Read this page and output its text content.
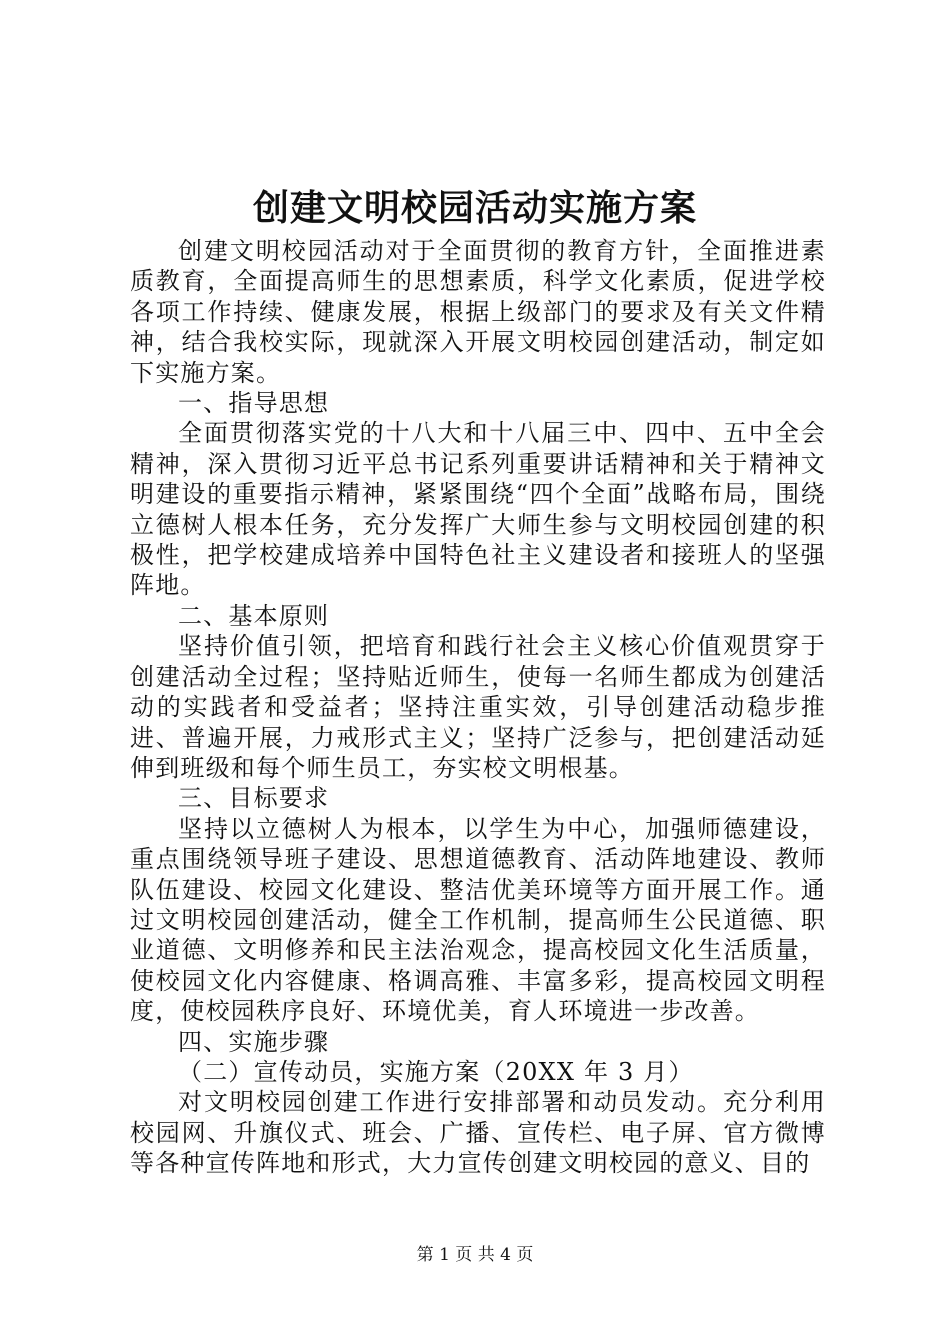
创建文明校园活动实施方案

创建文明校园活动对于全面贯彻的教育方针，全面推进素质教育，全面提高师生的思想素质，科学文化素质，促进学校各项工作持续、健康发展，根据上级部门的要求及有关文件精神，结合我校实际，现就深入开展文明校园创建活动，制定如下实施方案。

一、指导思想

全面贯彻落实党的十八大和十八届三中、四中、五中全会精神，深入贯彻习近平总书记系列重要讲话精神和关于精神文明建设的重要指示精神，紧紧围绕“四个全面”战略布局，围绕立德树人根本任务，充分发挥广大师生参与文明校园创建的积极性，把学校建成培养中国特色社主义建设者和接班人的坚强阵地。

二、基本原则

坚持价值引领，把培育和践行社会主义核心价值观贯穿于创建活动全过程；坚持贴近师生，使每一名师生都成为创建活动的实践者和受益者；坚持注重实效，引导创建活动稳步推进、普遍开展，力戒形式主义；坚持广泛参与，把创建活动延伸到班级和每个师生员工，夯实校文明根基。

三、目标要求

坚持以立德树人为根本，以学生为中心，加强师德建设，重点围绕领导班子建设、思想道德教育、活动阵地建设、教师队伍建设、校园文化建设、整洁优美环境等方面开展工作。通过文明校园创建活动，健全工作机制，提高师生公民道德、职业道德、文明修养和民主法治观念，提高校园文化生活质量，使校园文化内容健康、格调高雅、丰富多彩，提高校园文明程度，使校园秩序良好、环境优美，育人环境进一步改善。

四、实施步骤

（二）宣传动员，实施方案（20XX 年 3 月）

对文明校园创建工作进行安排部署和动员发动。充分利用校园网、升旗仪式、班会、广播、宣传栏、电子屏、官方微博等各种宣传阵地和形式，大力宣传创建文明校园的意义、目的

第 1 页 共 4 页
